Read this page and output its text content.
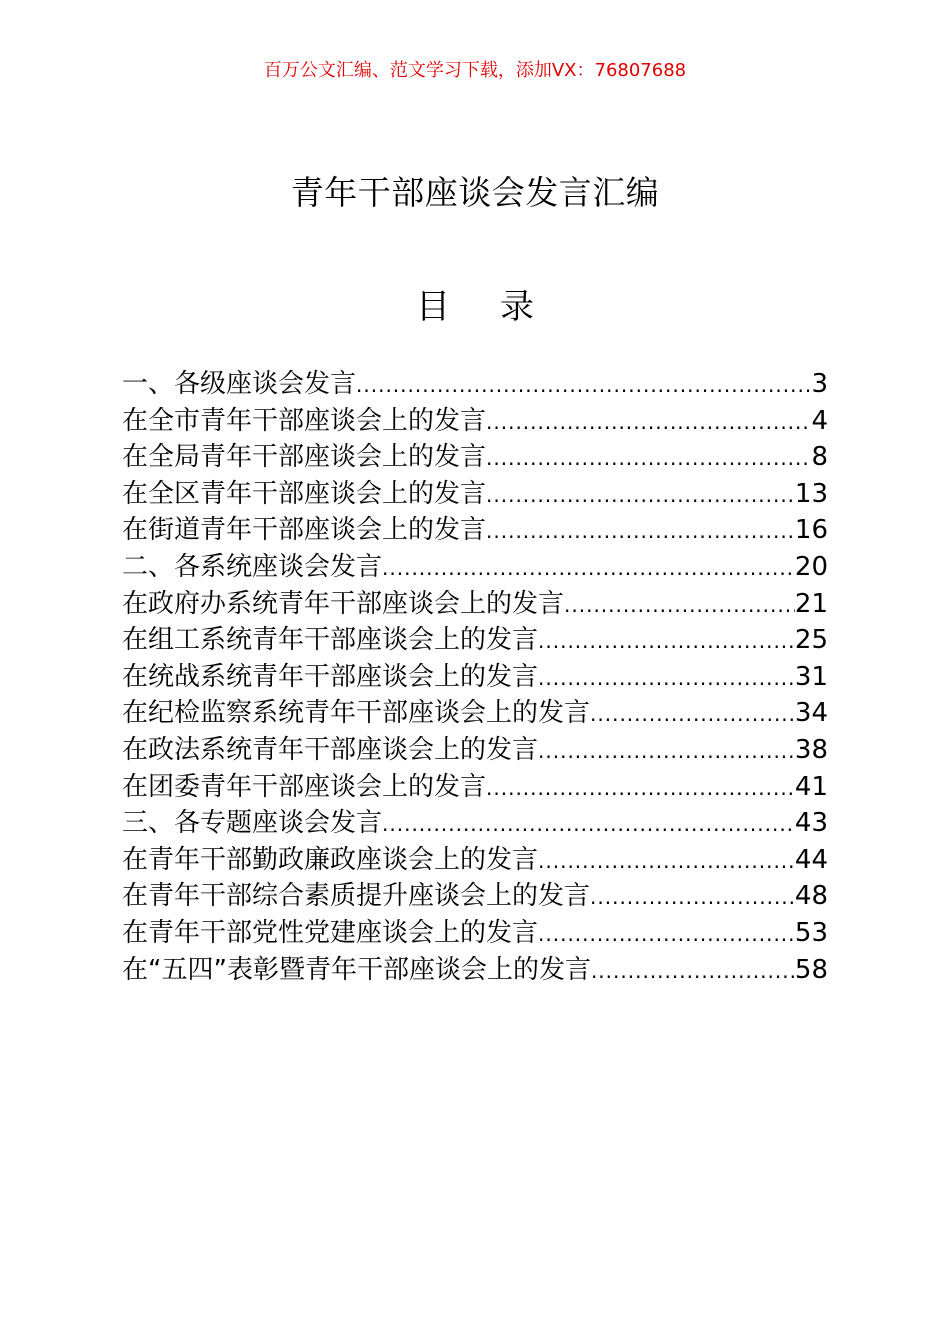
百万公文汇编、范文学习下载，添加VX：76807688
青年干部座谈会发言汇编
目 录
一、各级座谈会发言 .....	3
在全市青年干部座谈会上的发言 .....	4
在全局青年干部座谈会上的发言 .....	8
在全区青年干部座谈会上的发言 .....	13
在街道青年干部座谈会上的发言 .....	16
二、各系统座谈会发言 .....	20
在政府办系统青年干部座谈会上的发言 .....	21
在组工系统青年干部座谈会上的发言 .....	25
在统战系统青年干部座谈会上的发言 .....	31
在纪检监察系统青年干部座谈会上的发言 .....	34
在政法系统青年干部座谈会上的发言 .....	38
在团委青年干部座谈会上的发言 .....	41
三、各专题座谈会发言 .....	43
在青年干部勤政廉政座谈会上的发言 .....	44
在青年干部综合素质提升座谈会上的发言 .....	48
在青年干部党性党建座谈会上的发言 .....	53
在“五四”表彰暨青年干部座谈会上的发言 .....	58
